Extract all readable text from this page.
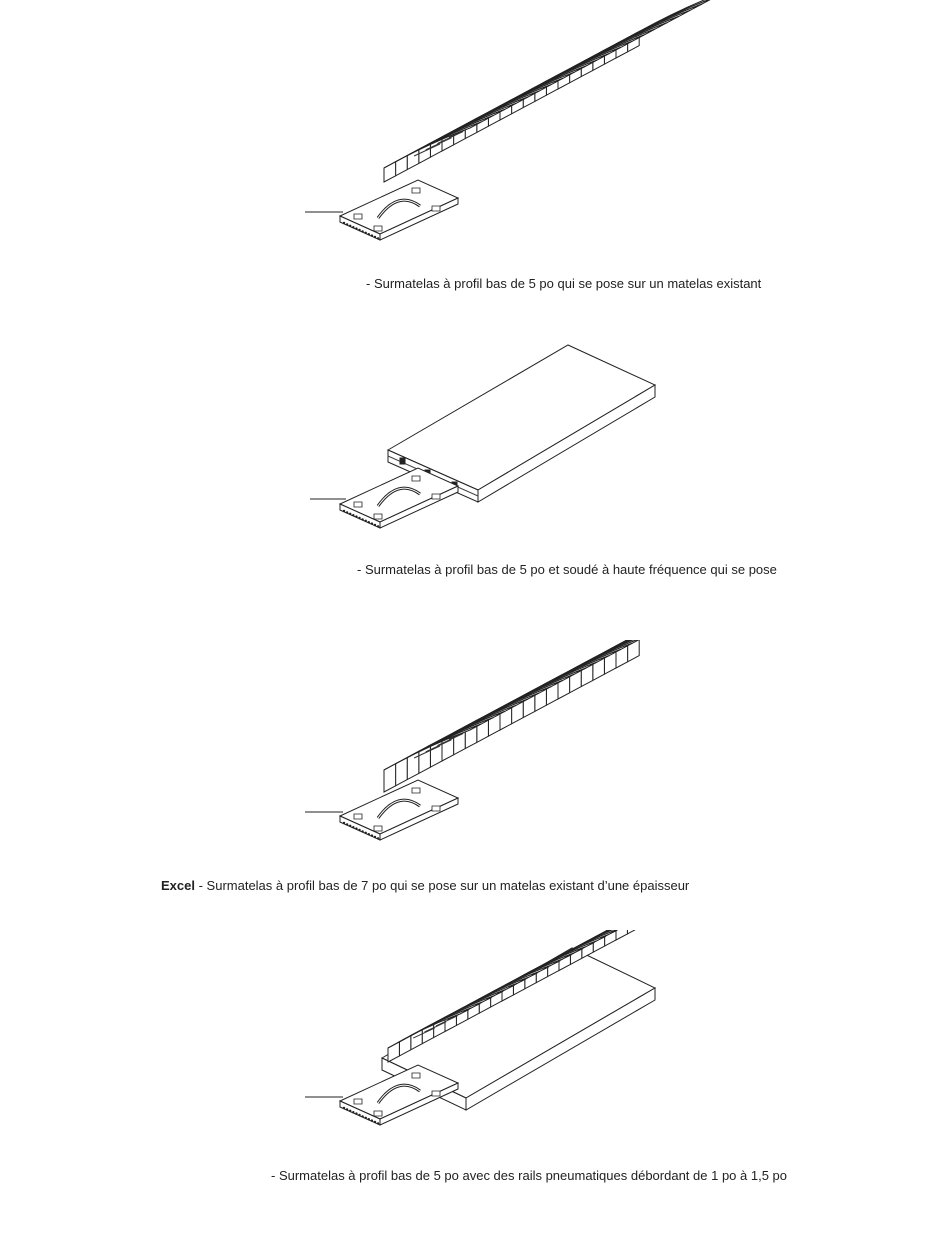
- Surmatelas à profil bas de 5 po qui se pose sur un matelas existant
- Surmatelas à profil bas de 5 po et soudé à haute fréquence qui se pose
Excel - Surmatelas à profil bas de 7 po qui se pose sur un matelas existant d’une épaisseur
- Surmatelas à profil bas de 5 po avec des rails pneumatiques débordant de 1 po à 1,5 po
